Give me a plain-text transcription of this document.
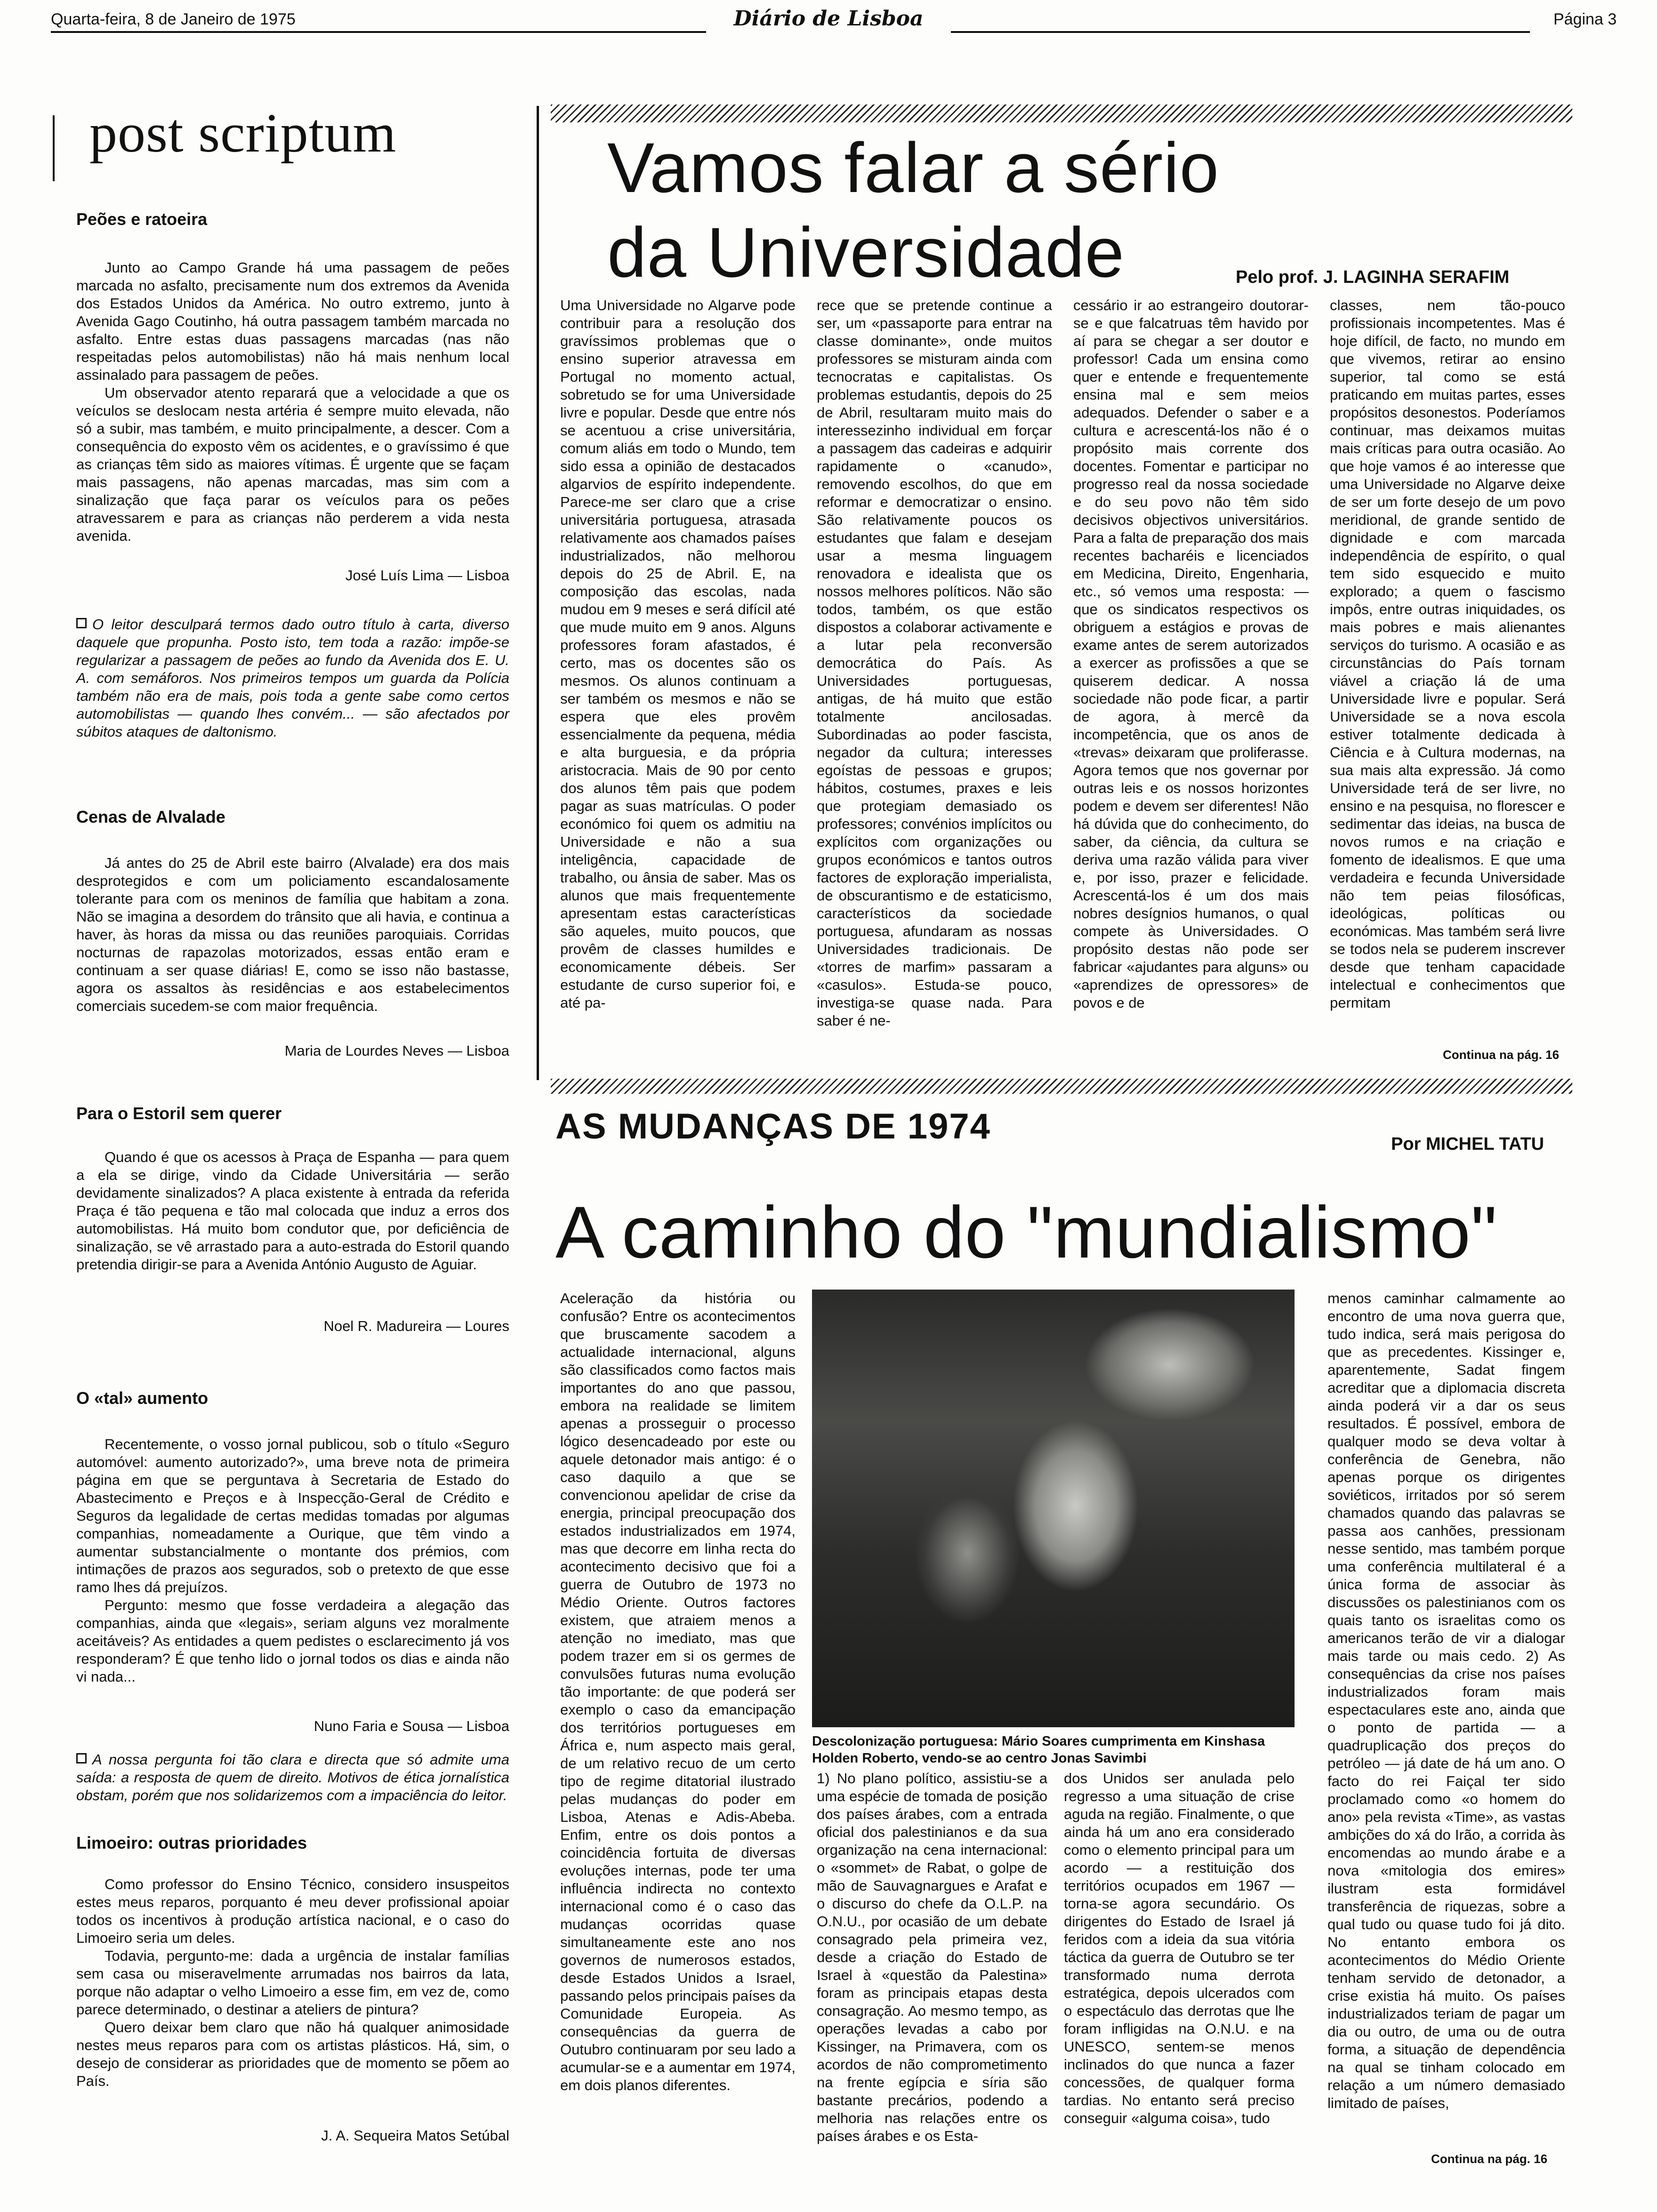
Quarta-feira, 8 de Janeiro de 1975	Diário de Lisboa	Página 3
post scriptum
Peões e ratoeira

Junto ao Campo Grande há uma passagem de peões marcada no asfalto, precisamente num dos extremos da Avenida dos Estados Unidos da América. No outro extremo, junto à Avenida Gago Coutinho, há outra passagem também marcada no asfalto. Entre estas duas passagens marcadas (nas não respeitadas pelos automobilistas) não há mais nenhum local assinalado para passagem de peões.

Um observador atento reparará que a velocidade a que os veículos se deslocam nesta artéria é sempre muito elevada, não só a subir, mas também, e muito principalmente, a descer. Com a consequência do exposto vêm os acidentes, e o gravíssimo é que as crianças têm sido as maiores vítimas. É urgente que se façam mais passagens, não apenas marcadas, mas sim com a sinalização que faça parar os veículos para os peões atravessarem e para as crianças não perderem a vida nesta avenida.

José Luís Lima — Lisboa
O leitor desculpará termos dado outro título à carta, diverso daquele que propunha. Posto isto, tem toda a razão: impõe-se regularizar a passagem de peões ao fundo da Avenida dos E. U. A. com semáforos. Nos primeiros tempos um guarda da Polícia também não era de mais, pois toda a gente sabe como certos automobilistas — quando lhes convém... — são afectados por súbitos ataques de daltonismo.
Cenas de Alvalade

Já antes do 25 de Abril este bairro (Alvalade) era dos mais desprotegidos e com um policiamento escandalosamente tolerante para com os meninos de família que habitam a zona. Não se imagina a desordem do trânsito que ali havia, e continua a haver, às horas da missa ou das reuniões paroquiais. Corridas nocturnas de rapazolas motorizados, essas então eram e continuam a ser quase diárias! E, como se isso não bastasse, agora os assaltos às residências e aos estabelecimentos comerciais sucedem-se com maior frequência.

Maria de Lourdes Neves — Lisboa
Para o Estoril sem querer

Quando é que os acessos à Praça de Espanha — para quem a ela se dirige, vindo da Cidade Universitária — serão devidamente sinalizados? A placa existente à entrada da referida Praça é tão pequena e tão mal colocada que induz a erros dos automobilistas. Há muito bom condutor que, por deficiência de sinalização, se vê arrastado para a auto-estrada do Estoril quando pretendia dirigir-se para a Avenida António Augusto de Aguiar.

Noel R. Madureira — Loures
O «tal» aumento

Recentemente, o vosso jornal publicou, sob o título «Seguro automóvel: aumento autorizado?», uma breve nota de primeira página em que se perguntava à Secretaria de Estado do Abastecimento e Preços e à Inspecção-Geral de Crédito e Seguros da legalidade de certas medidas tomadas por algumas companhias, nomeadamente a Ourique, que têm vindo a aumentar substancialmente o montante dos prémios, com intimações de prazos aos segurados, sob o pretexto de que esse ramo lhes dá prejuízos.

Pergunto: mesmo que fosse verdadeira a alegação das companhias, ainda que «legais», seriam alguns vez moralmente aceitáveis? As entidades a quem pedistes o esclarecimento já vos responderam? É que tenho lido o jornal todos os dias e ainda não vi nada...

Nuno Faria e Sousa — Lisboa
A nossa pergunta foi tão clara e directa que só admite uma saída: a resposta de quem de direito. Motivos de ética jornalística obstam, porém que nos solidarizemos com a impaciência do leitor.
Limoeiro: outras prioridades

Como professor do Ensino Técnico, considero insuspeitos estes meus reparos, porquanto é meu dever profissional apoiar todos os incentivos à produção artística nacional, e o caso do Limoeiro seria um deles.

Todavia, pergunto-me: dada a urgência de instalar famílias sem casa ou miseravelmente arrumadas nos bairros da lata, porque não adaptar o velho Limoeiro a esse fim, em vez de, como parece determinado, o destinar a ateliers de pintura?

Quero deixar bem claro que não há qualquer animosidade nestes meus reparos para com os artistas plásticos. Há, sim, o desejo de considerar as prioridades que de momento se põem ao País.

J. A. Sequeira Matos Setúbal
Vamos falar a sério
da Universidade	Pelo prof. J. LAGINHA SERAFIM
Uma Universidade no Algarve pode contribuir para a resolução dos gravíssimos problemas que o ensino superior atravessa em Portugal no momento actual, sobretudo se for uma Universidade livre e popular. Desde que entre nós se acentuou a crise universitária, comum aliás em todo o Mundo, tem sido essa a opinião de destacados algarvios de espírito independente. Parece-me ser claro que a crise universitária portuguesa, atrasada relativamente aos chamados países industrializados, não melhorou depois do 25 de Abril. E, na composição das escolas, nada mudou em 9 meses e será difícil até que mude muito em 9 anos. Alguns professores foram afastados, é certo, mas os docentes são os mesmos. Os alunos continuam a ser também os mesmos e não se espera que eles provêm essencialmente da pequena, média e alta burguesia, e da própria aristocracia. Mais de 90 por cento dos alunos têm pais que podem pagar as suas matrículas. O poder económico foi quem os admitiu na Universidade e não a sua inteligência, capacidade de trabalho, ou ânsia de saber. Mas os alunos que mais frequentemente apresentam estas características são aqueles, muito poucos, que provêm de classes humildes e economicamente débeis. Ser estudante de curso superior foi, e até pa-
rece que se pretende continue a ser, um «passaporte para entrar na classe dominante», onde muitos professores se misturam ainda com tecnocratas e capitalistas. Os problemas estudantis, depois do 25 de Abril, resultaram muito mais do interessezinho individual em forçar a passagem das cadeiras e adquirir rapidamente o «canudo», removendo escolhos, do que em reformar e democratizar o ensino. São relativamente poucos os estudantes que falam e desejam usar a mesma linguagem renovadora e idealista que os nossos melhores políticos. Não são todos, também, os que estão dispostos a colaborar activamente e a lutar pela reconversão democrática do País. As Universidades portuguesas, antigas, de há muito que estão totalmente ancilosadas. Subordinadas ao poder fascista, negador da cultura; interesses egoístas de pessoas e grupos; hábitos, costumes, praxes e leis que protegiam demasiado os professores; convénios implícitos ou explícitos com organizações ou grupos económicos e tantos outros factores de exploração imperialista, de obscurantismo e de estaticismo, característicos da sociedade portuguesa, afundaram as nossas Universidades tradicionais. De «torres de marfim» passaram a «casulos». Estuda-se pouco, investiga-se quase nada. Para saber é ne-
cessário ir ao estrangeiro doutorar-se e que falcatruas têm havido por aí para se chegar a ser doutor e professor! Cada um ensina como quer e entende e frequentemente ensina mal e sem meios adequados. Defender o saber e a cultura e acrescentá-los não é o propósito mais corrente dos docentes. Fomentar e participar no progresso real da nossa sociedade e do seu povo não têm sido decisivos objectivos universitários. Para a falta de preparação dos mais recentes bacharéis e licenciados em Medicina, Direito, Engenharia, etc., só vemos uma resposta: — que os sindicatos respectivos os obriguem a estágios e provas de exame antes de serem autorizados a exercer as profissões a que se quiserem dedicar. A nossa sociedade não pode ficar, a partir de agora, à mercê da incompetência, que os anos de «trevas» deixaram que proliferasse. Agora temos que nos governar por outras leis e os nossos horizontes podem e devem ser diferentes! Não há dúvida que do conhecimento, do saber, da ciência, da cultura se deriva uma razão válida para viver e, por isso, prazer e felicidade. Acrescentá-los é um dos mais nobres desígnios humanos, o qual compete às Universidades. O propósito destas não pode ser fabricar «ajudantes para alguns» ou «aprendizes de opressores» de povos e de
classes, nem tão-pouco profissionais incompetentes. Mas é hoje difícil, de facto, no mundo em que vivemos, retirar ao ensino superior, tal como se está praticando em muitas partes, esses propósitos desonestos. Poderíamos continuar, mas deixamos muitas mais críticas para outra ocasião. Ao que hoje vamos é ao interesse que uma Universidade no Algarve deixe de ser um forte desejo de um povo meridional, de grande sentido de dignidade e com marcada independência de espírito, o qual tem sido esquecido e muito explorado; a quem o fascismo impôs, entre outras iniquidades, os mais pobres e mais alienantes serviços do turismo. A ocasião e as circunstâncias do País tornam viável a criação lá de uma Universidade livre e popular. Será Universidade se a nova escola estiver totalmente dedicada à Ciência e à Cultura modernas, na sua mais alta expressão. Já como Universidade terá de ser livre, no ensino e na pesquisa, no florescer e sedimentar das ideias, na busca de novos rumos e na criação e fomento de idealismos. E que uma verdadeira e fecunda Universidade não tem peias filosóficas, ideológicas, políticas ou económicas. Mas também será livre se todos nela se puderem inscrever desde que tenham capacidade intelectual e conhecimentos que permitam
Continua na pág. 16
AS MUDANÇAS DE 1974	Por MICHEL TATU
A caminho do "mundialismo"
Aceleração da história ou confusão? Entre os acontecimentos que bruscamente sacodem a actualidade internacional, alguns são classificados como factos mais importantes do ano que passou, embora na realidade se limitem apenas a prosseguir o processo lógico desencadeado por este ou aquele detonador mais antigo: é o caso daquilo a que se convencionou apelidar de crise da energia, principal preocupação dos estados industrializados em 1974, mas que decorre em linha recta do acontecimento decisivo que foi a guerra de Outubro de 1973 no Médio Oriente. Outros factores existem, que atraiem menos a atenção no imediato, mas que podem trazer em si os germes de convulsões futuras numa evolução tão importante: de que poderá ser exemplo o caso da emancipação dos territórios portugueses em África e, num aspecto mais geral, de um relativo recuo de um certo tipo de regime ditatorial ilustrado pelas mudanças do poder em Lisboa, Atenas e Adis-Abeba. Enfim, entre os dois pontos a coincidência fortuita de diversas evoluções internas, pode ter uma influência indirecta no contexto internacional como é o caso das mudanças ocorridas quase simultaneamente este ano nos governos de numerosos estados, desde Estados Unidos a Israel, passando pelos principais países da Comunidade Europeia. As consequências da guerra de Outubro continuaram por seu lado a acumular-se e a aumentar em 1974, em dois planos diferentes.
Descolonização portuguesa: Mário Soares cumprimenta em Kinshasa Holden Roberto, vendo-se ao centro Jonas Savimbi
1) No plano político, assistiu-se a uma espécie de tomada de posição dos países árabes, com a entrada oficial dos palestinianos e da sua organização na cena internacional: o «sommet» de Rabat, o golpe de mão de Sauvagnargues e Arafat e o discurso do chefe da O.L.P. na O.N.U., por ocasião de um debate consagrado pela primeira vez, desde a criação do Estado de Israel à «questão da Palestina» foram as principais etapas desta consagração. Ao mesmo tempo, as operações levadas a cabo por Kissinger, na Primavera, com os acordos de não comprometimento na frente egípcia e síria são bastante precários, podendo a melhoria nas relações entre os países árabes e os Esta-
dos Unidos ser anulada pelo regresso a uma situação de crise aguda na região. Finalmente, o que ainda há um ano era considerado como o elemento principal para um acordo — a restituição dos territórios ocupados em 1967 — torna-se agora secundário. Os dirigentes do Estado de Israel já feridos com a ideia da sua vitória táctica da guerra de Outubro se ter transformado numa derrota estratégica, depois ulcerados com o espectáculo das derrotas que lhe foram infligidas na O.N.U. e na UNESCO, sentem-se menos inclinados do que nunca a fazer concessões, de qualquer forma tardias. No entanto será preciso conseguir «alguma coisa», tudo
menos caminhar calmamente ao encontro de uma nova guerra que, tudo indica, será mais perigosa do que as precedentes. Kissinger e, aparentemente, Sadat fingem acreditar que a diplomacia discreta ainda poderá vir a dar os seus resultados. É possível, embora de qualquer modo se deva voltar à conferência de Genebra, não apenas porque os dirigentes soviéticos, irritados por só serem chamados quando das palavras se passa aos canhões, pressionam nesse sentido, mas também porque uma conferência multilateral é a única forma de associar às discussões os palestinianos com os quais tanto os israelitas como os americanos terão de vir a dialogar mais tarde ou mais cedo. 2) As consequências da crise nos países industrializados foram mais espectaculares este ano, ainda que o ponto de partida — a quadruplicação dos preços do petróleo — já date de há um ano. O facto do rei Faiçal ter sido proclamado como «o homem do ano» pela revista «Time», as vastas ambições do xá do Irão, a corrida às encomendas ao mundo árabe e a nova «mitologia dos emires» ilustram esta formidável transferência de riquezas, sobre a qual tudo ou quase tudo foi já dito. No entanto embora os acontecimentos do Médio Oriente tenham servido de detonador, a crise existia há muito. Os países industrializados teriam de pagar um dia ou outro, de uma ou de outra forma, a situação de dependência na qual se tinham colocado em relação a um número demasiado limitado de países,
Continua na pág. 16
